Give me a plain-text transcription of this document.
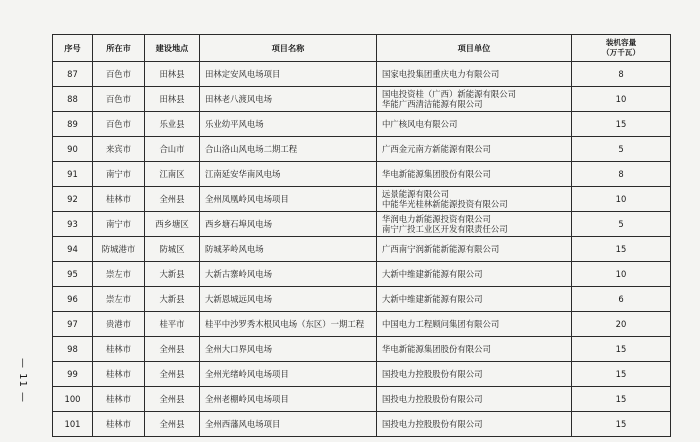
— 11 —
序号	所在市	建设地点	项目名称	项目单位	装机容量
（万千瓦）

87	百色市	田林县	田林定安风电场项目	国家电投集团重庆电力有限公司	8
88	百色市	田林县	田林老八渡风电场	国电投资桂（广西）新能源有限公司
华能广西清洁能源有限公司	10
89	百色市	乐业县	乐业幼平风电场	中广核风电有限公司	15
90	来宾市	合山市	合山洛山风电场二期工程	广西金元南方新能源有限公司	5
91	南宁市	江南区	江南延安华南风电场	华电新能源集团股份有限公司	8
92	桂林市	全州县	全州凤凰岭风电场项目	远景能源有限公司
中能华光桂林新能源投资有限公司	10
93	南宁市	西乡塘区	西乡塘石埠风电场	华润电力新能源投资有限公司
南宁广投工业区开发有限责任公司	5
94	防城港市	防城区	防城茅岭风电场	广西南宁润新能新能源有限公司	15
95	崇左市	大新县	大新古寨岭风电场	大新中维建新能源有限公司	10
96	崇左市	大新县	大新恩城远风电场	大新中维建新能源有限公司	6
97	贵港市	桂平市	桂平中沙罗秀木根风电场（东区）一期工程	中国电力工程顾问集团有限公司	20
98	桂林市	全州县	全州大口界风电场	华电新能源集团股份有限公司	15
99	桂林市	全州县	全州光绪岭风电场项目	国投电力控股股份有限公司	15
100	桂林市	全州县	全州老棚岭风电场项目	国投电力控股股份有限公司	15
101	桂林市	全州县	全州西藩风电场项目	国投电力控股股份有限公司	15
